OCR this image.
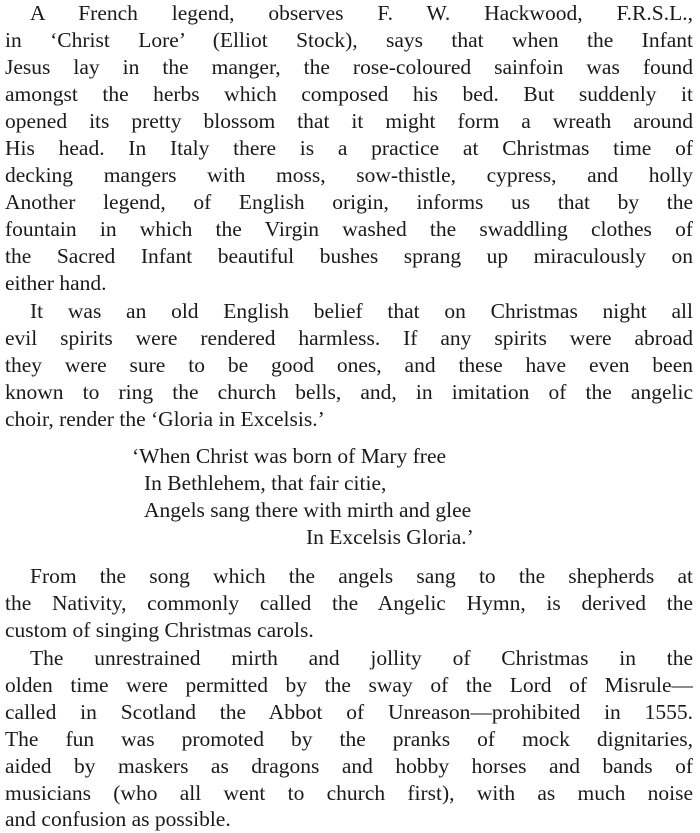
A French legend, observes F. W. Hackwood, F.R.S.L.,
in ‘Christ Lore’ (Elliot Stock), says that when the Infant
Jesus lay in the manger, the rose-coloured sainfoin was found
amongst the herbs which composed his bed. But suddenly it
opened its pretty blossom that it might form a wreath around
His head. In Italy there is a practice at Christmas time of
decking mangers with moss, sow-thistle, cypress, and holly
Another legend, of English origin, informs us that by the
fountain in which the Virgin washed the swaddling clothes of
the Sacred Infant beautiful bushes sprang up miraculously on
either hand.
It was an old English belief that on Christmas night all
evil spirits were rendered harmless. If any spirits were abroad
they were sure to be good ones, and these have even been
known to ring the church bells, and, in imitation of the angelic
choir, render the ‘Gloria in Excelsis.’
‘When Christ was born of Mary free
In Bethlehem, that fair citie,
Angels sang there with mirth and glee
In Excelsis Gloria.’
From the song which the angels sang to the shepherds at
the Nativity, commonly called the Angelic Hymn, is derived the
custom of singing Christmas carols.
The unrestrained mirth and jollity of Christmas in the
olden time were permitted by the sway of the Lord of Misrule—
called in Scotland the Abbot of Unreason—prohibited in 1555.
The fun was promoted by the pranks of mock dignitaries,
aided by maskers as dragons and hobby horses and bands of
musicians (who all went to church first), with as much noise
and confusion as possible.
